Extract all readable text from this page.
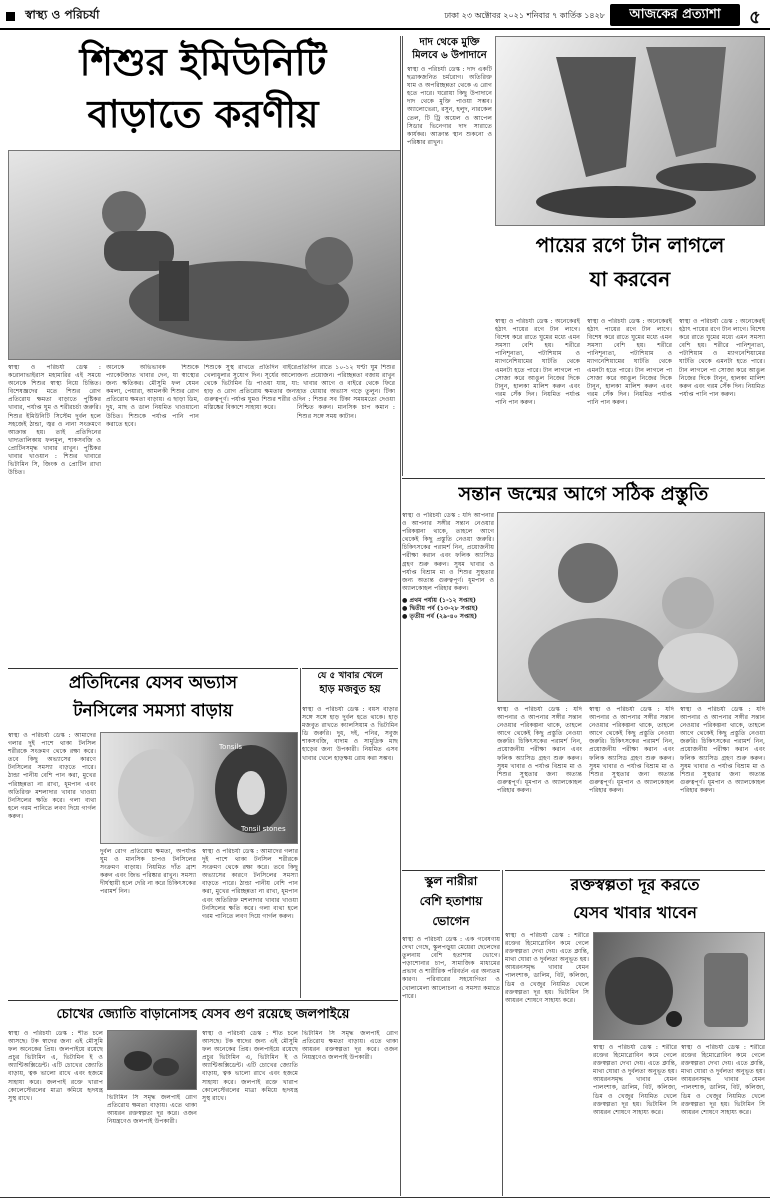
স্বাস্থ্য ও পরিচর্যা	ঢাকা ২৩ অক্টোবর ২০২১ শনিবার ৭ কার্তিক ১৪২৮	আজকের প্রত্যাশা	৫
শিশুর ইমিউনিটি
বাড়াতে করণীয়
স্বাস্থ্য ও পরিচর্যা ডেস্ক : করোনাভাইরাস মহামারির এই সময়ে অনেকে শিশুর স্বাস্থ্য নিয়ে চিন্তিত। বিশেষজ্ঞদের মতে শিশুর রোগ প্রতিরোধ ক্ষমতা বাড়াতে পুষ্টিকর খাবার, পর্যাপ্ত ঘুম ও শরীরচর্চা জরুরি। শিশুর ইমিউনিটি সিস্টেম দুর্বল হলে সহজেই ঠান্ডা, জ্বর ও নানা সংক্রমণে আক্রান্ত হয়। তাই প্রতিদিনের খাদ্যতালিকায় ফলমূল, শাকসবজি ও প্রোটিনসমৃদ্ধ খাবার রাখুন। পুষ্টিকর খাবার খাওয়ান : শিশুর খাবারে ভিটামিন সি, জিংক ও প্রোটিন রাখা উচিত।
অনেকে অভিভাবক শিশুকে প্যাকেটজাত খাবার দেন, যা স্বাস্থ্যের জন্য ক্ষতিকর। মৌসুমি ফল যেমন কমলা, পেয়ারা, আমলকী শিশুর রোগ প্রতিরোধ ক্ষমতা বাড়ায়। এ ছাড়া ডিম, দুধ, মাছ ও ডাল নিয়মিত খাওয়ানো উচিত। শিশুকে পর্যাপ্ত পানি পান করাতে হবে।
শিশুকে সুস্থ রাখতে প্রতিদিন বাইরে খেলাধুলার সুযোগ দিন। সূর্যের আলো থেকে ভিটামিন ডি পাওয়া যায়, যা হাড় ও রোগ প্রতিরোধ ক্ষমতার জন্য গুরুত্বপূর্ণ। পর্যাপ্ত ঘুমও শিশুর শরীর ও মস্তিষ্কের বিকাশে সাহায্য করে।
প্রতিদিন রাতে ১০-১২ ঘণ্টা ঘুম শিশুর জন্য প্রয়োজন। পরিচ্ছন্নতা বজায় রাখুন : খাবার আগে ও বাইরে থেকে ফিরে হাত ধোয়ার অভ্যাস গড়ে তুলুন। টিকা দিন : শিশুর সব টিকা সময়মতো দেওয়া নিশ্চিত করুন। মানসিক চাপ কমান : শিশুর সঙ্গে সময় কাটান।
দাদ থেকে মুক্তি
মিলবে ৬ উপাদানে
স্বাস্থ্য ও পরিচর্যা ডেস্ক : দাদ একটি ছত্রাকজনিত চর্মরোগ। অতিরিক্ত ঘাম ও অপরিচ্ছন্নতা থেকে এ রোগ হতে পারে। ঘরোয়া কিছু উপাদানে দাদ থেকে মুক্তি পাওয়া সম্ভব। অ্যালোভেরা, রসুন, হলুদ, নারকেল তেল, টি ট্রি অয়েল ও আপেল সিডার ভিনেগার দাদ সারাতে কার্যকর। আক্রান্ত স্থান শুকনো ও পরিষ্কার রাখুন।
পায়ের রগে টান লাগলে
যা করবেন
স্বাস্থ্য ও পরিচর্যা ডেস্ক : অনেকেরই হঠাৎ পায়ের রগে টান লাগে। বিশেষ করে রাতে ঘুমের মধ্যে এমন সমস্যা বেশি হয়। শরীরে পানিশূন্যতা, পটাশিয়াম ও ম্যাগনেশিয়ামের ঘাটতি থেকে এমনটা হতে পারে। টান লাগলে পা সোজা করে আঙুল নিজের দিকে টানুন, হালকা মালিশ করুন এবং গরম সেঁক দিন। নিয়মিত পর্যাপ্ত পানি পান করুন।
স্বাস্থ্য ও পরিচর্যা ডেস্ক : অনেকেরই হঠাৎ পায়ের রগে টান লাগে। বিশেষ করে রাতে ঘুমের মধ্যে এমন সমস্যা বেশি হয়। শরীরে পানিশূন্যতা, পটাশিয়াম ও ম্যাগনেশিয়ামের ঘাটতি থেকে এমনটা হতে পারে। টান লাগলে পা সোজা করে আঙুল নিজের দিকে টানুন, হালকা মালিশ করুন এবং গরম সেঁক দিন। নিয়মিত পর্যাপ্ত পানি পান করুন।
স্বাস্থ্য ও পরিচর্যা ডেস্ক : অনেকেরই হঠাৎ পায়ের রগে টান লাগে। বিশেষ করে রাতে ঘুমের মধ্যে এমন সমস্যা বেশি হয়। শরীরে পানিশূন্যতা, পটাশিয়াম ও ম্যাগনেশিয়ামের ঘাটতি থেকে এমনটা হতে পারে। টান লাগলে পা সোজা করে আঙুল নিজের দিকে টানুন, হালকা মালিশ করুন এবং গরম সেঁক দিন। নিয়মিত পর্যাপ্ত পানি পান করুন।
সন্তান জন্মের আগে সঠিক প্রস্তুতি
স্বাস্থ্য ও পরিচর্যা ডেস্ক : যদি আপনার ও আপনার সঙ্গীর সন্তান নেওয়ার পরিকল্পনা থাকে, তাহলে আগে থেকেই কিছু প্রস্তুতি নেওয়া জরুরি। চিকিৎসকের পরামর্শ নিন, প্রয়োজনীয় পরীক্ষা করান এবং ফলিক অ্যাসিড গ্রহণ শুরু করুন। সুষম খাবার ও পর্যাপ্ত বিশ্রাম মা ও শিশুর সুস্থতার জন্য অত্যন্ত গুরুত্বপূর্ণ। ধূমপান ও অ্যালকোহল পরিহার করুন।
● প্রথম পর্যায় (১-১২ সপ্তাহ)
● দ্বিতীয় পর্ব (১৩-২৮ সপ্তাহ)
● তৃতীয় পর্ব (২৯-৪০ সপ্তাহ)
স্বাস্থ্য ও পরিচর্যা ডেস্ক : যদি আপনার ও আপনার সঙ্গীর সন্তান নেওয়ার পরিকল্পনা থাকে, তাহলে আগে থেকেই কিছু প্রস্তুতি নেওয়া জরুরি। চিকিৎসকের পরামর্শ নিন, প্রয়োজনীয় পরীক্ষা করান এবং ফলিক অ্যাসিড গ্রহণ শুরু করুন। সুষম খাবার ও পর্যাপ্ত বিশ্রাম মা ও শিশুর সুস্থতার জন্য অত্যন্ত গুরুত্বপূর্ণ। ধূমপান ও অ্যালকোহল পরিহার করুন।
স্বাস্থ্য ও পরিচর্যা ডেস্ক : যদি আপনার ও আপনার সঙ্গীর সন্তান নেওয়ার পরিকল্পনা থাকে, তাহলে আগে থেকেই কিছু প্রস্তুতি নেওয়া জরুরি। চিকিৎসকের পরামর্শ নিন, প্রয়োজনীয় পরীক্ষা করান এবং ফলিক অ্যাসিড গ্রহণ শুরু করুন। সুষম খাবার ও পর্যাপ্ত বিশ্রাম মা ও শিশুর সুস্থতার জন্য অত্যন্ত গুরুত্বপূর্ণ। ধূমপান ও অ্যালকোহল পরিহার করুন।
স্বাস্থ্য ও পরিচর্যা ডেস্ক : যদি আপনার ও আপনার সঙ্গীর সন্তান নেওয়ার পরিকল্পনা থাকে, তাহলে আগে থেকেই কিছু প্রস্তুতি নেওয়া জরুরি। চিকিৎসকের পরামর্শ নিন, প্রয়োজনীয় পরীক্ষা করান এবং ফলিক অ্যাসিড গ্রহণ শুরু করুন। সুষম খাবার ও পর্যাপ্ত বিশ্রাম মা ও শিশুর সুস্থতার জন্য অত্যন্ত গুরুত্বপূর্ণ। ধূমপান ও অ্যালকোহল পরিহার করুন।
প্রতিদিনের যেসব অভ্যাস
টনসিলের সমস্যা বাড়ায়
স্বাস্থ্য ও পরিচর্যা ডেস্ক : আমাদের গলার দুই পাশে থাকা টনসিল শরীরকে সংক্রমণ থেকে রক্ষা করে। তবে কিছু অভ্যাসের কারণে টনসিলের সমস্যা বাড়তে পারে। ঠান্ডা পানীয় বেশি পান করা, মুখের পরিচ্ছন্নতা না রাখা, ধূমপান এবং অতিরিক্ত মশলাদার খাবার খাওয়া টনসিলের ক্ষতি করে। গলা ব্যথা হলে গরম পানিতে লবণ দিয়ে গার্গল করুন।
Tonsils
Tonsil stones
দুর্বল রোগ প্রতিরোধ ক্ষমতা, অপর্যাপ্ত ঘুম ও মানসিক চাপও টনসিলের সংক্রমণ বাড়ায়। নিয়মিত দাঁত ব্রাশ করুন এবং জিভ পরিষ্কার রাখুন। সমস্যা দীর্ঘস্থায়ী হলে দেরি না করে চিকিৎসকের পরামর্শ নিন।
স্বাস্থ্য ও পরিচর্যা ডেস্ক : আমাদের গলার দুই পাশে থাকা টনসিল শরীরকে সংক্রমণ থেকে রক্ষা করে। তবে কিছু অভ্যাসের কারণে টনসিলের সমস্যা বাড়তে পারে। ঠান্ডা পানীয় বেশি পান করা, মুখের পরিচ্ছন্নতা না রাখা, ধূমপান এবং অতিরিক্ত মশলাদার খাবার খাওয়া টনসিলের ক্ষতি করে। গলা ব্যথা হলে গরম পানিতে লবণ দিয়ে গার্গল করুন।
যে ৫ খাবার খেলে
হাড় মজবুত হয়
স্বাস্থ্য ও পরিচর্যা ডেস্ক : বয়স বাড়ার সঙ্গে সঙ্গে হাড় দুর্বল হতে থাকে। হাড় মজবুত রাখতে ক্যালসিয়াম ও ভিটামিন ডি জরুরি। দুধ, দই, পনির, সবুজ শাকসবজি, বাদাম ও সামুদ্রিক মাছ হাড়ের জন্য উপকারী। নিয়মিত এসব খাবার খেলে হাড়ক্ষয় রোধ করা সম্ভব।
স্কুল নারীরা
বেশি হতাশায়
ভোগেন
স্বাস্থ্য ও পরিচর্যা ডেস্ক : এক গবেষণায় দেখা গেছে, স্কুলপড়ুয়া মেয়েরা ছেলেদের তুলনায় বেশি হতাশায় ভোগে। পড়াশোনার চাপ, সামাজিক মাধ্যমের প্রভাব ও শারীরিক পরিবর্তন এর অন্যতম কারণ। পরিবারের সহযোগিতা ও খোলামেলা আলোচনা এ সমস্যা কমাতে পারে।
রক্তস্বল্পতা দূর করতে
যেসব খাবার খাবেন
স্বাস্থ্য ও পরিচর্যা ডেস্ক : শরীরে রক্তের হিমোগ্লোবিন কমে গেলে রক্তস্বল্পতা দেখা দেয়। এতে ক্লান্তি, মাথা ঘোরা ও দুর্বলতা অনুভূত হয়। আয়রনসমৃদ্ধ খাবার যেমন পালংশাক, ডালিম, বিট, কলিজা, ডিম ও খেজুর নিয়মিত খেলে রক্তস্বল্পতা দূর হয়। ভিটামিন সি আয়রন শোষণে সাহায্য করে।
স্বাস্থ্য ও পরিচর্যা ডেস্ক : শরীরে রক্তের হিমোগ্লোবিন কমে গেলে রক্তস্বল্পতা দেখা দেয়। এতে ক্লান্তি, মাথা ঘোরা ও দুর্বলতা অনুভূত হয়। আয়রনসমৃদ্ধ খাবার যেমন পালংশাক, ডালিম, বিট, কলিজা, ডিম ও খেজুর নিয়মিত খেলে রক্তস্বল্পতা দূর হয়। ভিটামিন সি আয়রন শোষণে সাহায্য করে।
স্বাস্থ্য ও পরিচর্যা ডেস্ক : শরীরে রক্তের হিমোগ্লোবিন কমে গেলে রক্তস্বল্পতা দেখা দেয়। এতে ক্লান্তি, মাথা ঘোরা ও দুর্বলতা অনুভূত হয়। আয়রনসমৃদ্ধ খাবার যেমন পালংশাক, ডালিম, বিট, কলিজা, ডিম ও খেজুর নিয়মিত খেলে রক্তস্বল্পতা দূর হয়। ভিটামিন সি আয়রন শোষণে সাহায্য করে।
চোখের জ্যোতি বাড়ানোসহ যেসব গুণ রয়েছে জলপাইয়ে
স্বাস্থ্য ও পরিচর্যা ডেস্ক : শীত চলে আসছে। টক স্বাদের জন্য এই মৌসুমি ফল অনেকের প্রিয়। জলপাইয়ে রয়েছে প্রচুর ভিটামিন এ, ভিটামিন ই ও অ্যান্টিঅক্সিডেন্ট। এটি চোখের জ্যোতি বাড়ায়, ত্বক ভালো রাখে এবং হজমে সাহায্য করে। জলপাই রক্তে খারাপ কোলেস্টেরলের মাত্রা কমিয়ে হৃদযন্ত্র সুস্থ রাখে।	ভিটামিন সি সমৃদ্ধ জলপাই রোগ প্রতিরোধ ক্ষমতা বাড়ায়। এতে থাকা আয়রন রক্তস্বল্পতা দূর করে। ওজন নিয়ন্ত্রণেও জলপাই উপকারী।
স্বাস্থ্য ও পরিচর্যা ডেস্ক : শীত চলে আসছে। টক স্বাদের জন্য এই মৌসুমি ফল অনেকের প্রিয়। জলপাইয়ে রয়েছে প্রচুর ভিটামিন এ, ভিটামিন ই ও অ্যান্টিঅক্সিডেন্ট। এটি চোখের জ্যোতি বাড়ায়, ত্বক ভালো রাখে এবং হজমে সাহায্য করে। জলপাই রক্তে খারাপ কোলেস্টেরলের মাত্রা কমিয়ে হৃদযন্ত্র সুস্থ রাখে।
ভিটামিন সি সমৃদ্ধ জলপাই রোগ প্রতিরোধ ক্ষমতা বাড়ায়। এতে থাকা আয়রন রক্তস্বল্পতা দূর করে। ওজন নিয়ন্ত্রণেও জলপাই উপকারী।
